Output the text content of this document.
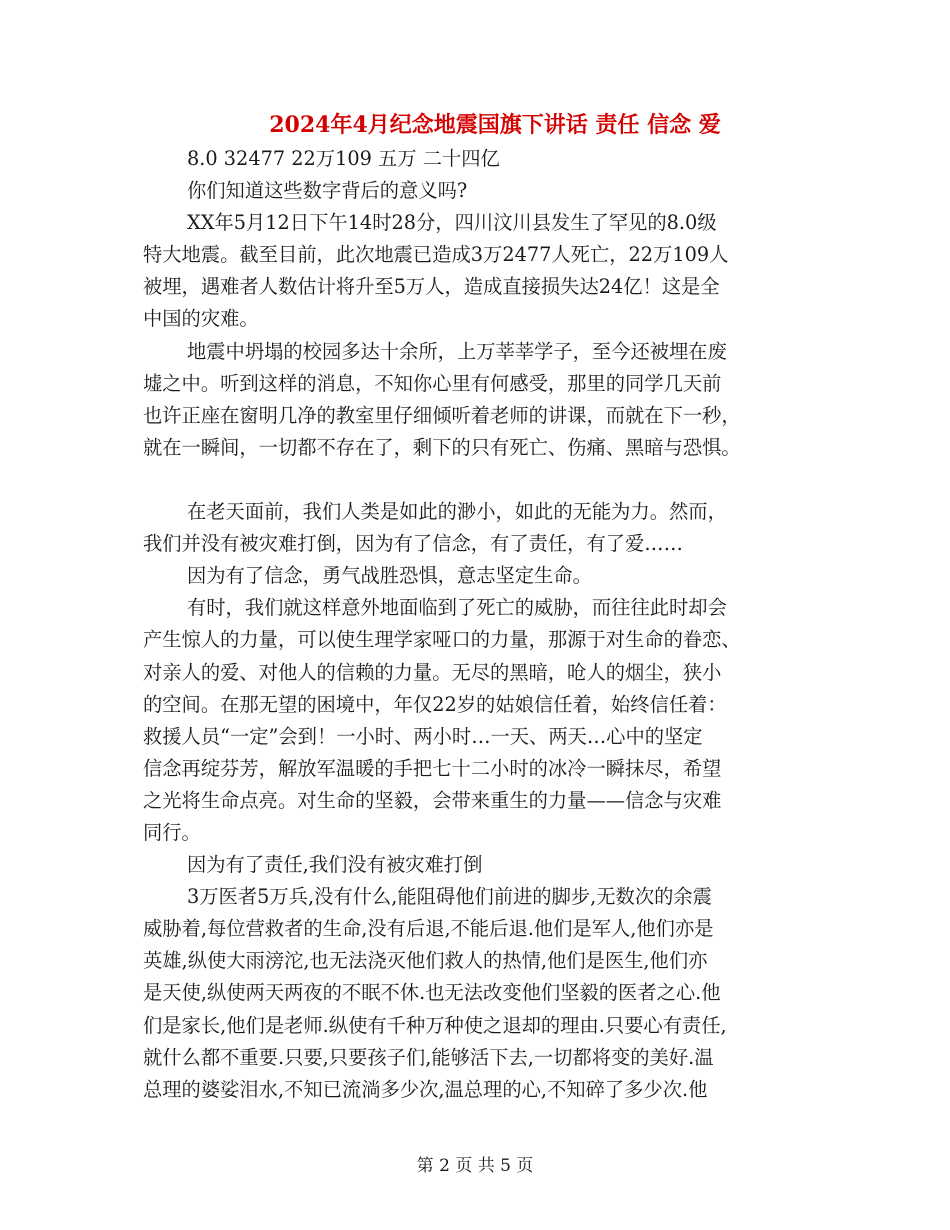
2024年4月纪念地震国旗下讲话 责任 信念 爱
8.0 32477 22万109 五万 二十四亿
你们知道这些数字背后的意义吗?
XX年5月12日下午14时28分，四川汶川县发生了罕见的8.0级
特大地震。截至目前，此次地震已造成3万2477人死亡，22万109人
被埋，遇难者人数估计将升至5万人，造成直接损失达24亿！这是全
中国的灾难。
地震中坍塌的校园多达十余所，上万莘莘学子，至今还被埋在废
墟之中。听到这样的消息，不知你心里有何感受，那里的同学几天前
也许正座在窗明几净的教室里仔细倾听着老师的讲课，而就在下一秒，
就在一瞬间，一切都不存在了，剩下的只有死亡、伤痛、黑暗与恐惧。
在老天面前，我们人类是如此的渺小，如此的无能为力。然而，
我们并没有被灾难打倒，因为有了信念，有了责任，有了爱……
因为有了信念，勇气战胜恐惧，意志坚定生命。
有时，我们就这样意外地面临到了死亡的威胁，而往往此时却会
产生惊人的力量，可以使生理学家哑口的力量，那源于对生命的眷恋、
对亲人的爱、对他人的信赖的力量。无尽的黑暗，呛人的烟尘，狭小
的空间。在那无望的困境中，年仅22岁的姑娘信任着，始终信任着：
救援人员“一定”会到！一小时、两小时…一天、两天…心中的坚定
信念再绽芬芳，解放军温暖的手把七十二小时的冰冷一瞬抹尽，希望
之光将生命点亮。对生命的坚毅，会带来重生的力量——信念与灾难
同行。
因为有了责任,我们没有被灾难打倒
3万医者5万兵,没有什么,能阻碍他们前进的脚步,无数次的余震
威胁着,每位营救者的生命,没有后退,不能后退.他们是军人,他们亦是
英雄,纵使大雨滂沱,也无法浇灭他们救人的热情,他们是医生,他们亦
是天使,纵使两天两夜的不眠不休.也无法改变他们坚毅的医者之心.他
们是家长,他们是老师.纵使有千种万种使之退却的理由.只要心有责任,
就什么都不重要.只要,只要孩子们,能够活下去,一切都将变的美好.温
总理的婆娑泪水,不知已流淌多少次,温总理的心,不知碎了多少次.他
第 2 页 共 5 页
